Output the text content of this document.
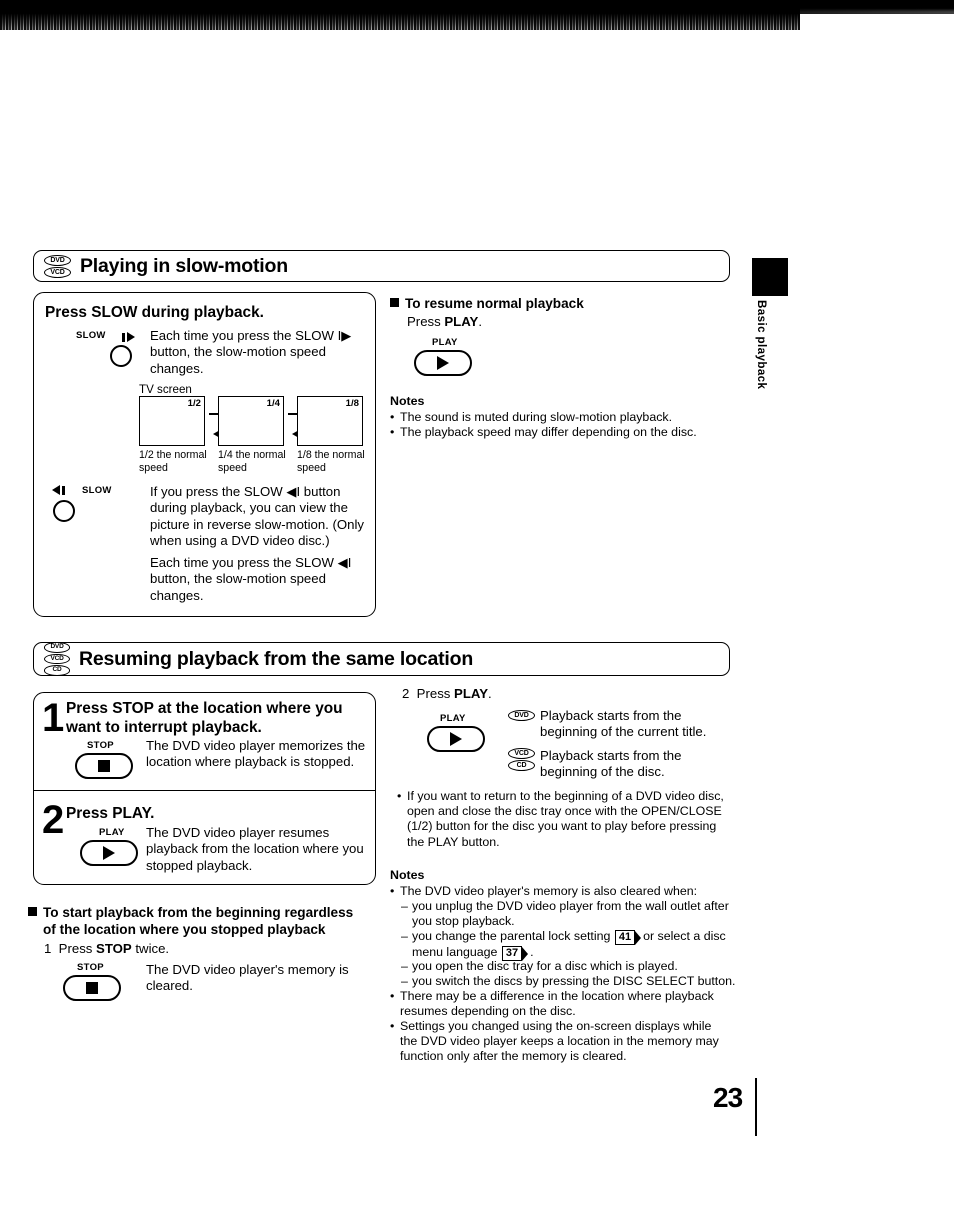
DVD
VCD Playing in slow-motion
Press SLOW during playback.
SLOW	Each time you press the SLOW I▶ button, the slow-motion speed changes.
TV screen
1/2	1/4	1/8
1/2 the normal speed
1/4 the normal speed
1/8 the normal speed
SLOW	If you press the SLOW ◀I button during playback, you can view the picture in reverse slow-motion. (Only when using a DVD video disc.)
Each time you press the SLOW ◀I button, the slow-motion speed changes.
To resume normal playback
Press PLAY.
PLAY
Notes
• The sound is muted during slow-motion playback.
• The playback speed may differ depending on the disc.
DVD
VCD
CD
Resuming playback from the same location
1 Press STOP at the location where you want to interrupt playback.
STOP The DVD video player memorizes the location where playback is stopped.
2 Press PLAY.
PLAY The DVD video player resumes playback from the location where you stopped playback.
2 Press PLAY.
PLAY	DVD Playback starts from the beginning of the current title.
VCD
CD
Playback starts from the beginning of the disc.
• If you want to return to the beginning of a DVD video disc, open and close the disc tray once with the OPEN/CLOSE (1/2) button for the disc you want to play before pressing the PLAY button.
To start playback from the beginning regardless
of the location where you stopped playback
1 Press STOP twice.
STOP	The DVD video player's memory is cleared.
Notes
• The DVD video player's memory is also cleared when:
– you unplug the DVD video player from the wall outlet after you stop playback.
– you change the parental lock setting 41 or select a disc menu language 37 .
– you open the disc tray for a disc which is played.
– you switch the discs by pressing the DISC SELECT button.
• There may be a difference in the location where playback resumes depending on the disc.
• Settings you changed using the on-screen displays while the DVD video player keeps a location in the memory may function only after the memory is cleared.
Basic playback
23
